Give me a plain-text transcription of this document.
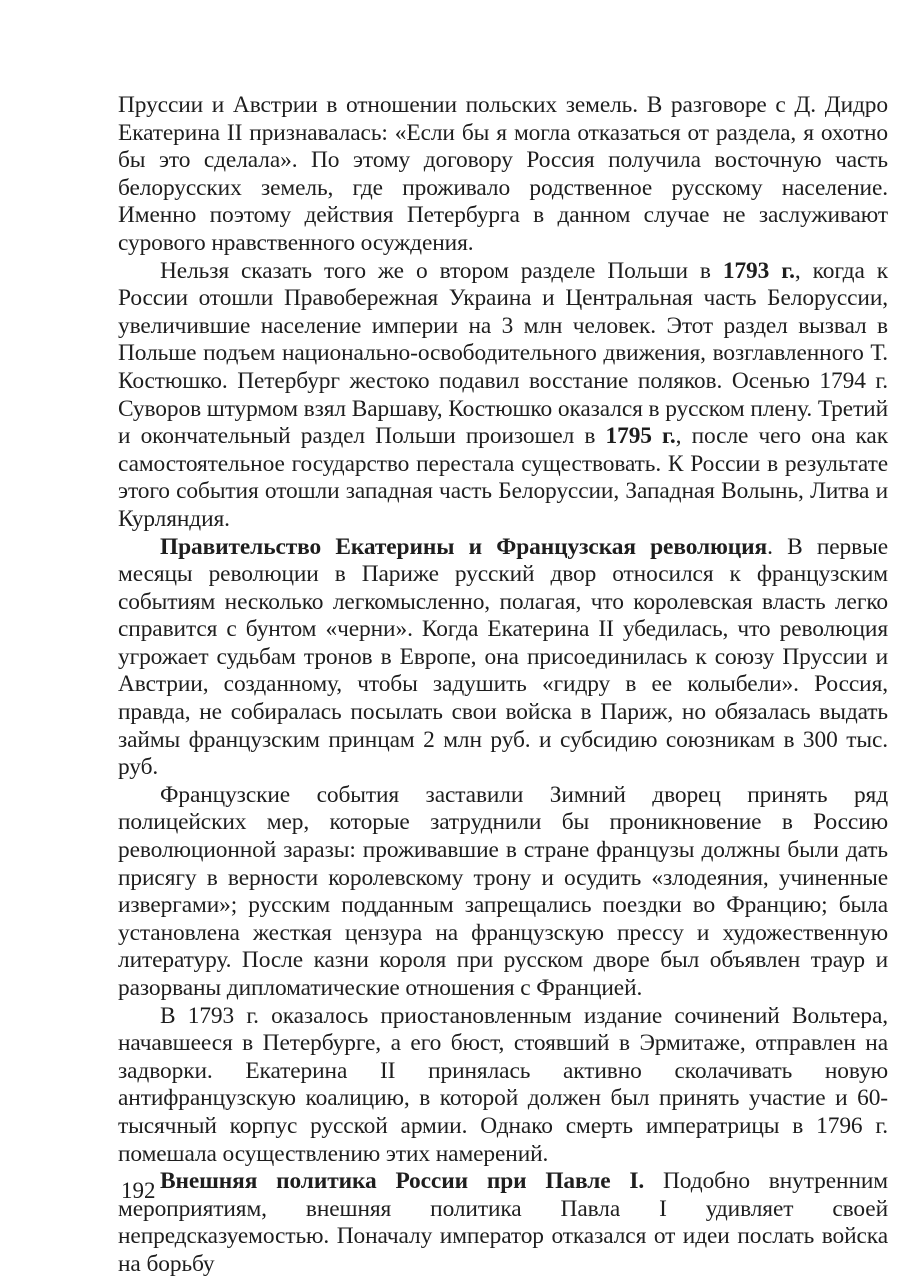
Пруссии и Австрии в отношении польских земель. В разговоре с Д. Дидро Екатерина II признавалась: «Если бы я могла отказаться от раздела, я охотно бы это сделала». По этому договору Россия получила восточную часть белорусских земель, где проживало родственное русскому население. Именно поэтому действия Петербурга в данном случае не заслуживают сурового нравственного осуждения.

Нельзя сказать того же о втором разделе Польши в 1793 г., когда к России отошли Правобережная Украина и Центральная часть Белоруссии, увеличившие население империи на 3 млн человек. Этот раздел вызвал в Польше подъем национально-освободительного движения, возглавленного Т. Костюшко. Петербург жестоко подавил восстание поляков. Осенью 1794 г. Суворов штурмом взял Варшаву, Костюшко оказался в русском плену. Третий и окончательный раздел Польши произошел в 1795 г., после чего она как самостоятельное государство перестала существовать. К России в результате этого события отошли западная часть Белоруссии, Западная Волынь, Литва и Курляндия.

Правительство Екатерины и Французская революция. В первые месяцы революции в Париже русский двор относился к французским событиям несколько легкомысленно, полагая, что королевская власть легко справится с бунтом «черни». Когда Екатерина II убедилась, что революция угрожает судьбам тронов в Европе, она присоединилась к союзу Пруссии и Австрии, созданному, чтобы задушить «гидру в ее колыбели». Россия, правда, не собиралась посылать свои войска в Париж, но обязалась выдать займы французским принцам 2 млн руб. и субсидию союзникам в 300 тыс. руб.

Французские события заставили Зимний дворец принять ряд полицейских мер, которые затруднили бы проникновение в Россию революционной заразы: проживавшие в стране французы должны были дать присягу в верности королевскому трону и осудить «злодеяния, учиненные извергами»; русским подданным запрещались поездки во Францию; была установлена жесткая цензура на французскую прессу и художественную литературу. После казни короля при русском дворе был объявлен траур и разорваны дипломатические отношения с Францией.

В 1793 г. оказалось приостановленным издание сочинений Вольтера, начавшееся в Петербурге, а его бюст, стоявший в Эрмитаже, отправлен на задворки. Екатерина II принялась активно сколачивать новую антифранцузскую коалицию, в которой должен был принять участие и 60-тысячный корпус русской армии. Однако смерть императрицы в 1796 г. помешала осуществлению этих намерений.

Внешняя политика России при Павле I. Подобно внутренним мероприятиям, внешняя политика Павла I удивляет своей непредсказуемостью. Поначалу император отказался от идеи послать войска на борьбу

192
